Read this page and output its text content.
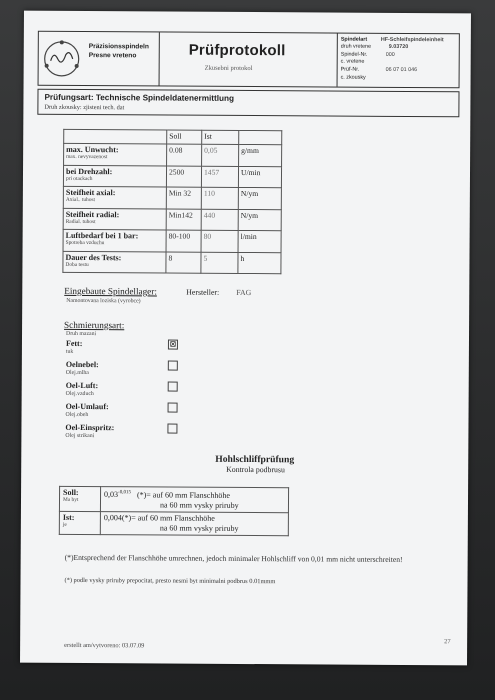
Präzisionsspindeln
Presne vreteno	Prüfprotokoll
Zkusebni protokol
Spindelart	HF-Schleifspindeleinheit
druh vretene	9.03720
Spindel-Nr.	000
c. vretene
Prüf-Nr.	06 07 01 046
c. zkousky
Prüfungsart: Technische Spindeldatenermittlung
Druh zkousky: zjisteni tech. dat
	Soll	Ist	

max. Unwucht:
max. nevyvazenost	0.08	0,05	g/mm

bei Drehzahl:
pri otackach	2500	1457	U/min

Steifheit axial:
Axial.. tuhost	Min 32	110	N/ym

Steifheit radial:
Radial. tuhost	Min142	440	N/ym

Luftbedarf bei 1 bar:
Spotreba vzduchu	80-100	80	l/min

Dauer des Tests:
Doba testu	8	5	h
Eingebaute Spindellager:	Hersteller: FAG
Namontovana loziska (vyrobce)
Schmierungsart:
Druh mazani
Fett:
tuk
⊠
Oelnebel:
Olej.mlha
Oel-Luft:
Olej.vzduch
Oel-Umlauf:
Olej.obeh
Oel-Einspritz:
Olej strikani
Hohlschliffprüfung
Kontrola podbrusu
Soll:
Ma byt	$0,03^{-0,015}$ (*)= auf 60 mm Flanschhöhe
na 60 mm vysky priruby

Ist:
je	0,004(*)= auf 60 mm Flanschhöhe
na 60 mm vysky priruby
(*)Entsprechend der Flanschhöhe umrechnen, jedoch minimaler Hohlschliff von 0,01 mm nicht unterschreiten!
(*) podle vysky priruby prepocitat, presto nesmi byt minimalni podbrus 0.01mmm
erstellt am/vytvoreno: 03.07.09
27
